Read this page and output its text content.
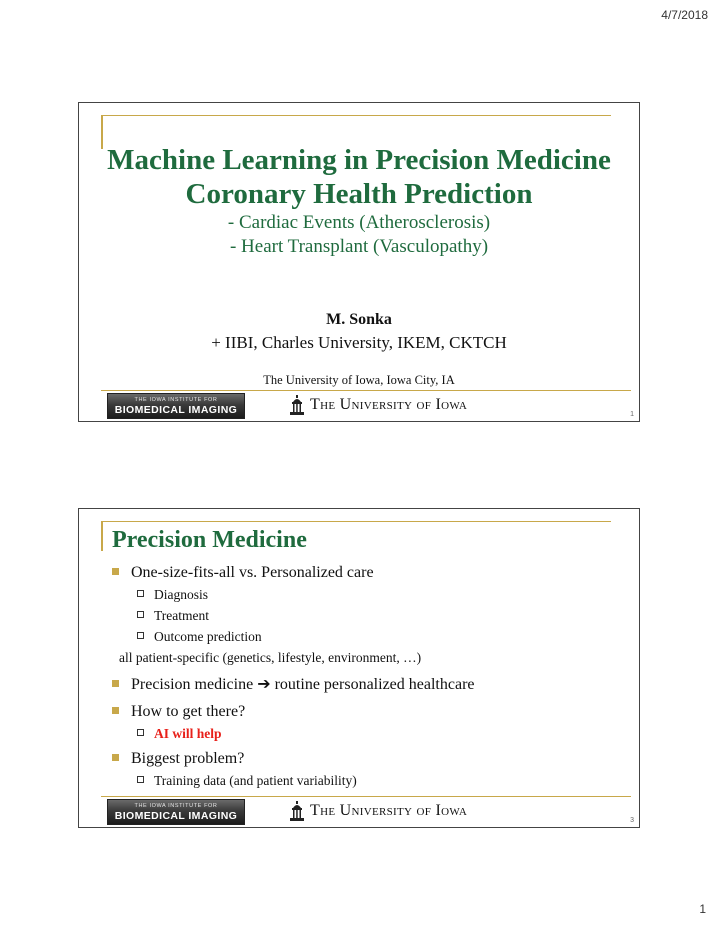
4/7/2018
Machine Learning in Precision Medicine
Coronary Health Prediction
- Cardiac Events (Atherosclerosis)
- Heart Transplant (Vasculopathy)
M. Sonka
+ IIBI, Charles University, IKEM, CKTCH
The University of Iowa, Iowa City, IA
THE IOWA INSTITUTE FOR
BIOMEDICAL IMAGING	The University of Iowa
1
Precision Medicine
One-size-fits-all vs. Personalized care
Diagnosis
Treatment
Outcome prediction
all patient-specific (genetics, lifestyle, environment, …)
Precision medicine ➔ routine personalized healthcare
How to get there?
AI will help
Biggest problem?
Training data (and patient variability)
THE IOWA INSTITUTE FOR
BIOMEDICAL IMAGING	The University of Iowa
3
1
